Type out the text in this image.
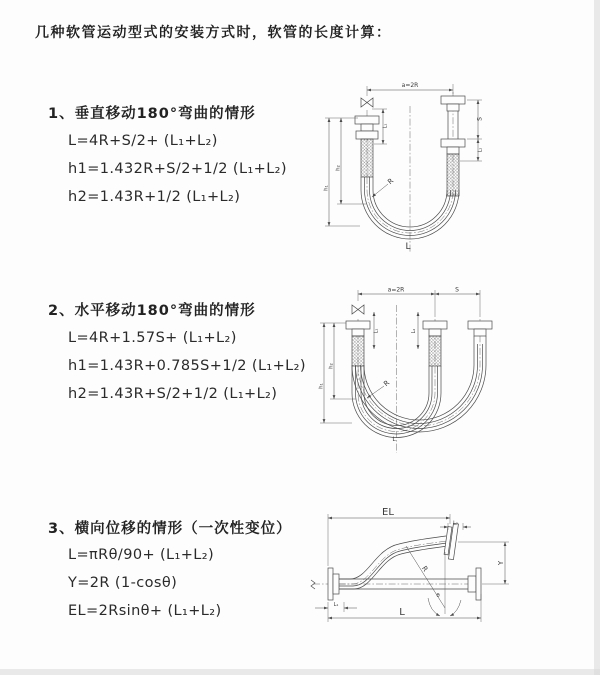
几种软管运动型式的安装方式时，软管的长度计算：
1、垂直移动180°弯曲的情形
L=4R+S/2+ (L₁+L₂)
h1=1.432R+S/2+1/2 (L₁+L₂)
h2=1.43R+1/2 (L₁+L₂)
a=2R
S
L₂
h₂
h₁
L₁
R
L
2、水平移动180°弯曲的情形
L=4R+1.57S+ (L₁+L₂)
h1=1.43R+0.785S+1/2 (L₁+L₂)
h2=1.43R+S/2+1/2 (L₁+L₂)
a=2R	S
h₂
h₁
L₁	L₂
R
L
3、横向位移的情形（一次性变位）
L=πRθ/90+ (L₁+L₂)
Y=2R (1-cosθ)
EL=2Rsinθ+ (L₁+L₂)
θ
R
EL
L₂
Y
L
L₁
